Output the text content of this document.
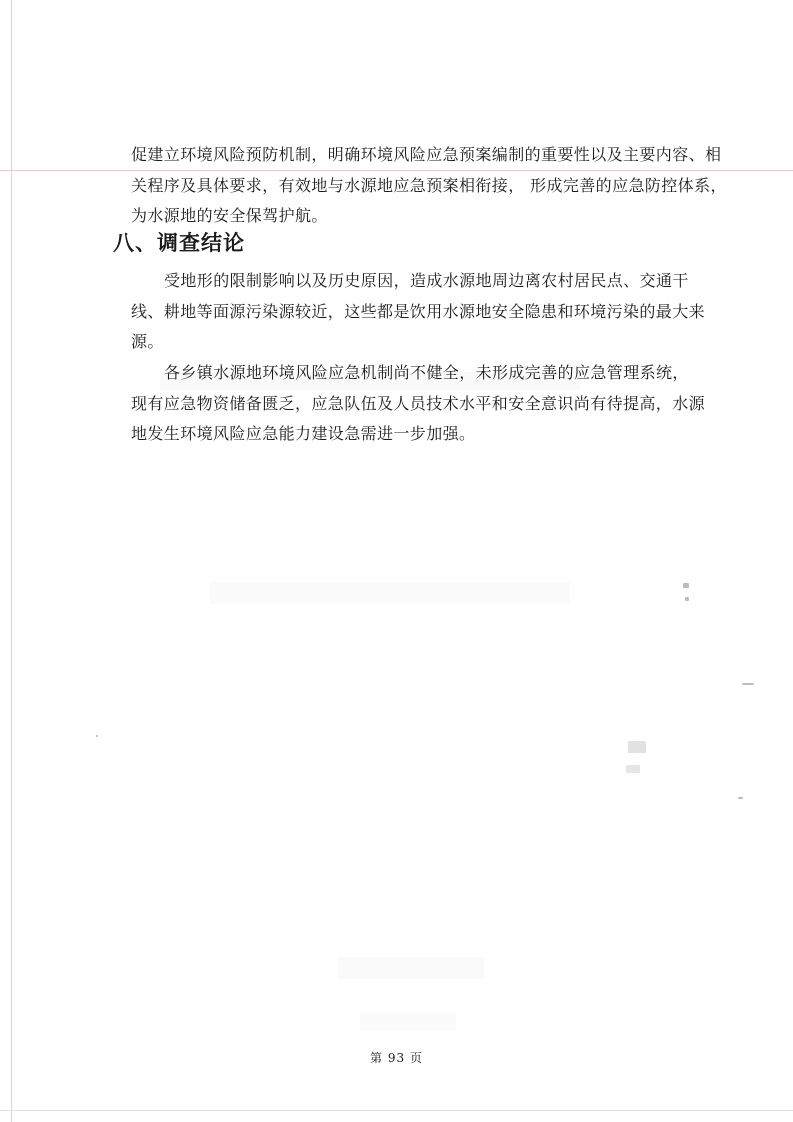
促建立环境风险预防机制，明确环境风险应急预案编制的重要性以及主要内容、相
关程序及具体要求，有效地与水源地应急预案相衔接， 形成完善的应急防控体系，
为水源地的安全保驾护航。
八、调查结论
受地形的限制影响以及历史原因，造成水源地周边离农村居民点、交通干
线、耕地等面源污染源较近，这些都是饮用水源地安全隐患和环境污染的最大来
源。
各乡镇水源地环境风险应急机制尚不健全，未形成完善的应急管理系统，
现有应急物资储备匮乏，应急队伍及人员技术水平和安全意识尚有待提高，水源
地发生环境风险应急能力建设急需进一步加强。
第 93 页
